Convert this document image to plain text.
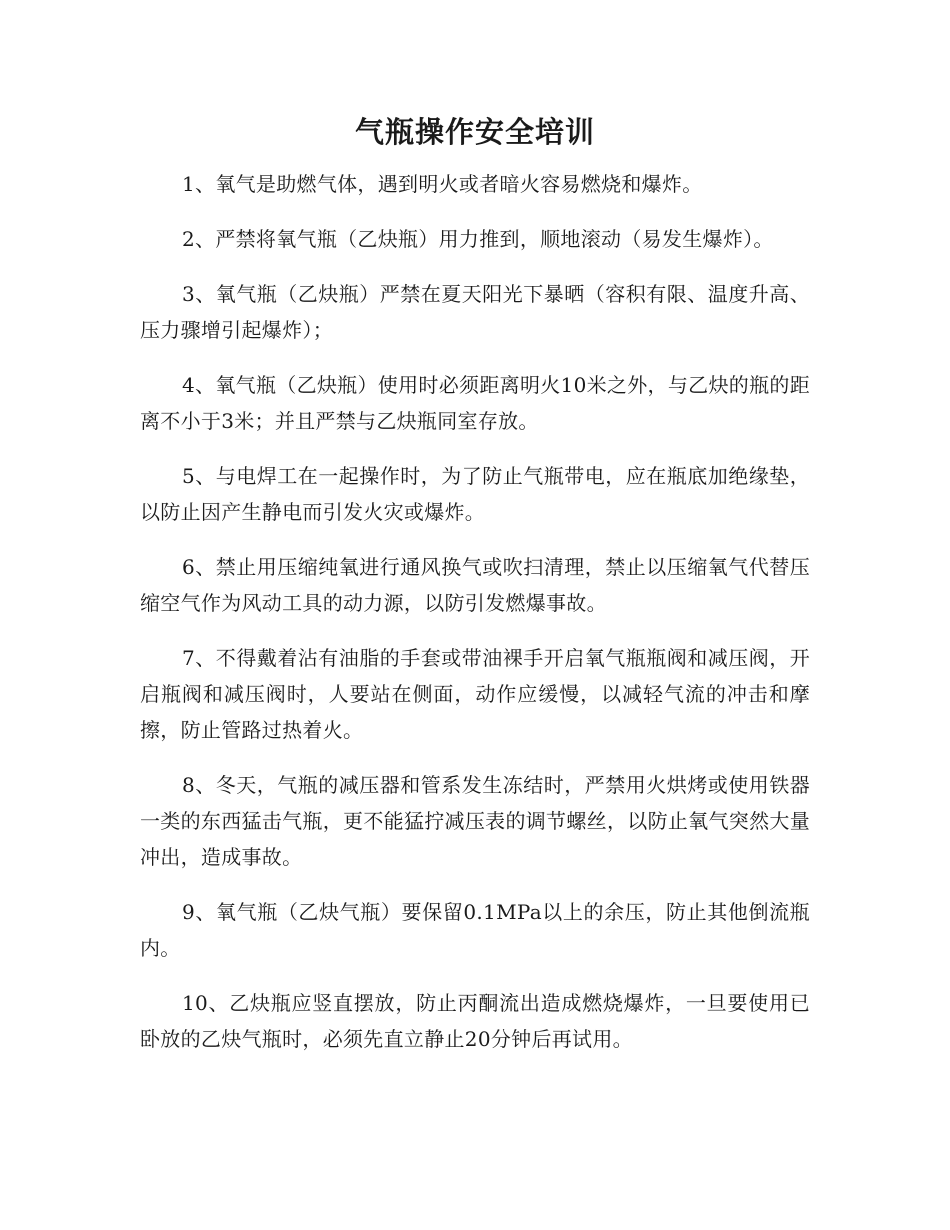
气瓶操作安全培训

1、氧气是助燃气体，遇到明火或者暗火容易燃烧和爆炸。

2、严禁将氧气瓶（乙炔瓶）用力推到，顺地滚动（易发生爆炸）。

3、氧气瓶（乙炔瓶）严禁在夏天阳光下暴晒（容积有限、温度升高、压力骤增引起爆炸）；

4、氧气瓶（乙炔瓶）使用时必须距离明火10米之外，与乙炔的瓶的距离不小于3米；并且严禁与乙炔瓶同室存放。

5、与电焊工在一起操作时，为了防止气瓶带电，应在瓶底加绝缘垫，以防止因产生静电而引发火灾或爆炸。

6、禁止用压缩纯氧进行通风换气或吹扫清理，禁止以压缩氧气代替压缩空气作为风动工具的动力源，以防引发燃爆事故。

7、不得戴着沾有油脂的手套或带油裸手开启氧气瓶瓶阀和减压阀，开启瓶阀和减压阀时，人要站在侧面，动作应缓慢，以减轻气流的冲击和摩擦，防止管路过热着火。

8、冬天，气瓶的减压器和管系发生冻结时，严禁用火烘烤或使用铁器一类的东西猛击气瓶，更不能猛拧减压表的调节螺丝，以防止氧气突然大量冲出，造成事故。

9、氧气瓶（乙炔气瓶）要保留0.1MPa以上的余压，防止其他倒流瓶内。

10、乙炔瓶应竖直摆放，防止丙酮流出造成燃烧爆炸，一旦要使用已卧放的乙炔气瓶时，必须先直立静止20分钟后再试用。
